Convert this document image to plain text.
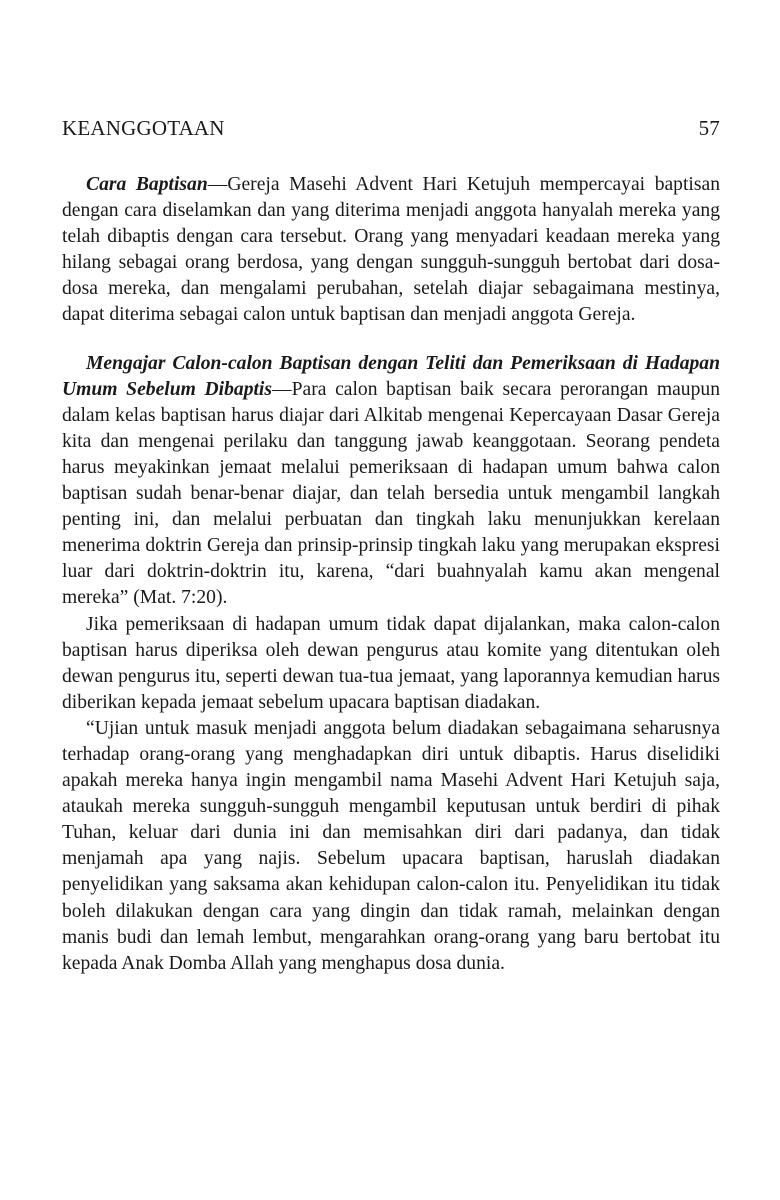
KEANGGOTAAN	57

Cara Baptisan—Gereja Masehi Advent Hari Ketujuh mempercayai baptisan dengan cara diselamkan dan yang diterima menjadi anggota hanyalah mereka yang telah dibaptis dengan cara tersebut. Orang yang menyadari keadaan mereka yang hilang sebagai orang berdosa, yang dengan sungguh-sungguh bertobat dari dosa-dosa mereka, dan mengalami perubahan, setelah diajar sebagaimana mestinya, dapat diterima sebagai calon untuk baptisan dan menjadi anggota Gereja.

Mengajar Calon-calon Baptisan dengan Teliti dan Pemeriksaan di Hadapan Umum Sebelum Dibaptis—Para calon baptisan baik secara perorangan maupun dalam kelas baptisan harus diajar dari Alkitab mengenai Kepercayaan Dasar Gereja kita dan mengenai perilaku dan tanggung jawab keanggotaan. Seorang pendeta harus meyakinkan jemaat melalui pemeriksaan di hadapan umum bahwa calon baptisan sudah benar-benar diajar, dan telah bersedia untuk mengambil langkah penting ini, dan melalui perbuatan dan tingkah laku menunjukkan kerelaan menerima doktrin Gereja dan prinsip-prinsip tingkah laku yang merupakan ekspresi luar dari doktrin-doktrin itu, karena, “dari buahnyalah kamu akan mengenal mereka” (Mat. 7:20).

Jika pemeriksaan di hadapan umum tidak dapat dijalankan, maka calon-calon baptisan harus diperiksa oleh dewan pengurus atau komite yang ditentukan oleh dewan pengurus itu, seperti dewan tua-tua jemaat, yang laporannya kemudian harus diberikan kepada jemaat sebelum upacara baptisan diadakan.

“Ujian untuk masuk menjadi anggota belum diadakan sebagaimana seharusnya terhadap orang-orang yang menghadapkan diri untuk dibaptis. Harus diselidiki apakah mereka hanya ingin mengambil nama Masehi Advent Hari Ketujuh saja, ataukah mereka sungguh-sungguh mengambil keputusan untuk berdiri di pihak Tuhan, keluar dari dunia ini dan memisahkan diri dari padanya, dan tidak menjamah apa yang najis. Sebelum upacara baptisan, haruslah diadakan penyelidikan yang saksama akan kehidupan calon-calon itu. Penyelidikan itu tidak boleh dilakukan dengan cara yang dingin dan tidak ramah, melainkan dengan manis budi dan lemah lembut, mengarahkan orang-orang yang baru bertobat itu kepada Anak Domba Allah yang menghapus dosa dunia.
